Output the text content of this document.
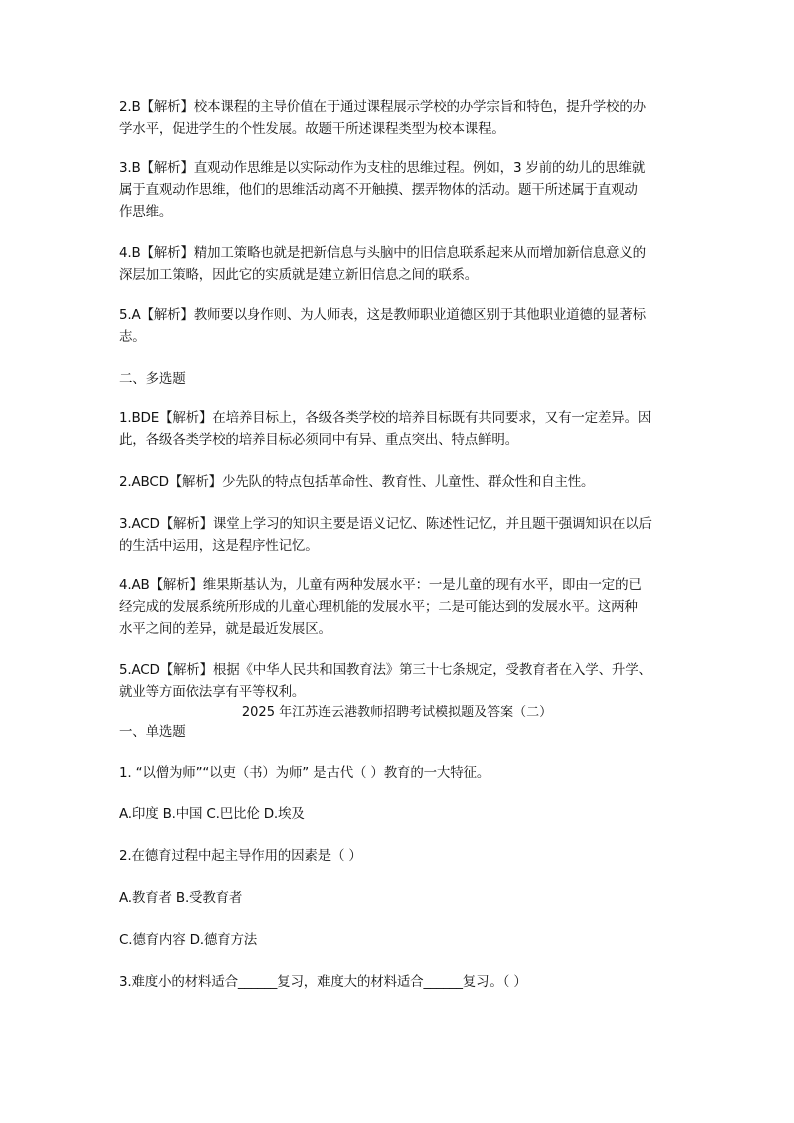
2.B【解析】校本课程的主导价值在于通过课程展示学校的办学宗旨和特色，提升学校的办
学水平，促进学生的个性发展。故题干所述课程类型为校本课程。
3.B【解析】直观动作思维是以实际动作为支柱的思维过程。例如，3 岁前的幼儿的思维就
属于直观动作思维，他们的思维活动离不开触摸、摆弄物体的活动。题干所述属于直观动
作思维。
4.B【解析】精加工策略也就是把新信息与头脑中的旧信息联系起来从而增加新信息意义的
深层加工策略，因此它的实质就是建立新旧信息之间的联系。
5.A【解析】教师要以身作则、为人师表，这是教师职业道德区别于其他职业道德的显著标
志。
二、多选题
1.BDE【解析】在培养目标上，各级各类学校的培养目标既有共同要求，又有一定差异。因
此，各级各类学校的培养目标必须同中有异、重点突出、特点鲜明。
2.ABCD【解析】少先队的特点包括革命性、教育性、儿童性、群众性和自主性。
3.ACD【解析】课堂上学习的知识主要是语义记忆、陈述性记忆，并且题干强调知识在以后
的生活中运用，这是程序性记忆。
4.AB【解析】维果斯基认为，儿童有两种发展水平：一是儿童的现有水平，即由一定的已
经完成的发展系统所形成的儿童心理机能的发展水平；二是可能达到的发展水平。这两种
水平之间的差异，就是最近发展区。
5.ACD【解析】根据《中华人民共和国教育法》第三十七条规定，受教育者在入学、升学、
就业等方面依法享有平等权利。
2025 年江苏连云港教师招聘考试模拟题及答案（二）
一、单选题
1. “以僧为师”“以吏（书）为师” 是古代（ ）教育的一大特征。
A.印度 B.中国 C.巴比伦 D.埃及
2.在德育过程中起主导作用的因素是（ ）
A.教育者 B.受教育者
C.德育内容 D.德育方法
3.难度小的材料适合______复习，难度大的材料适合______复习。（ ）
